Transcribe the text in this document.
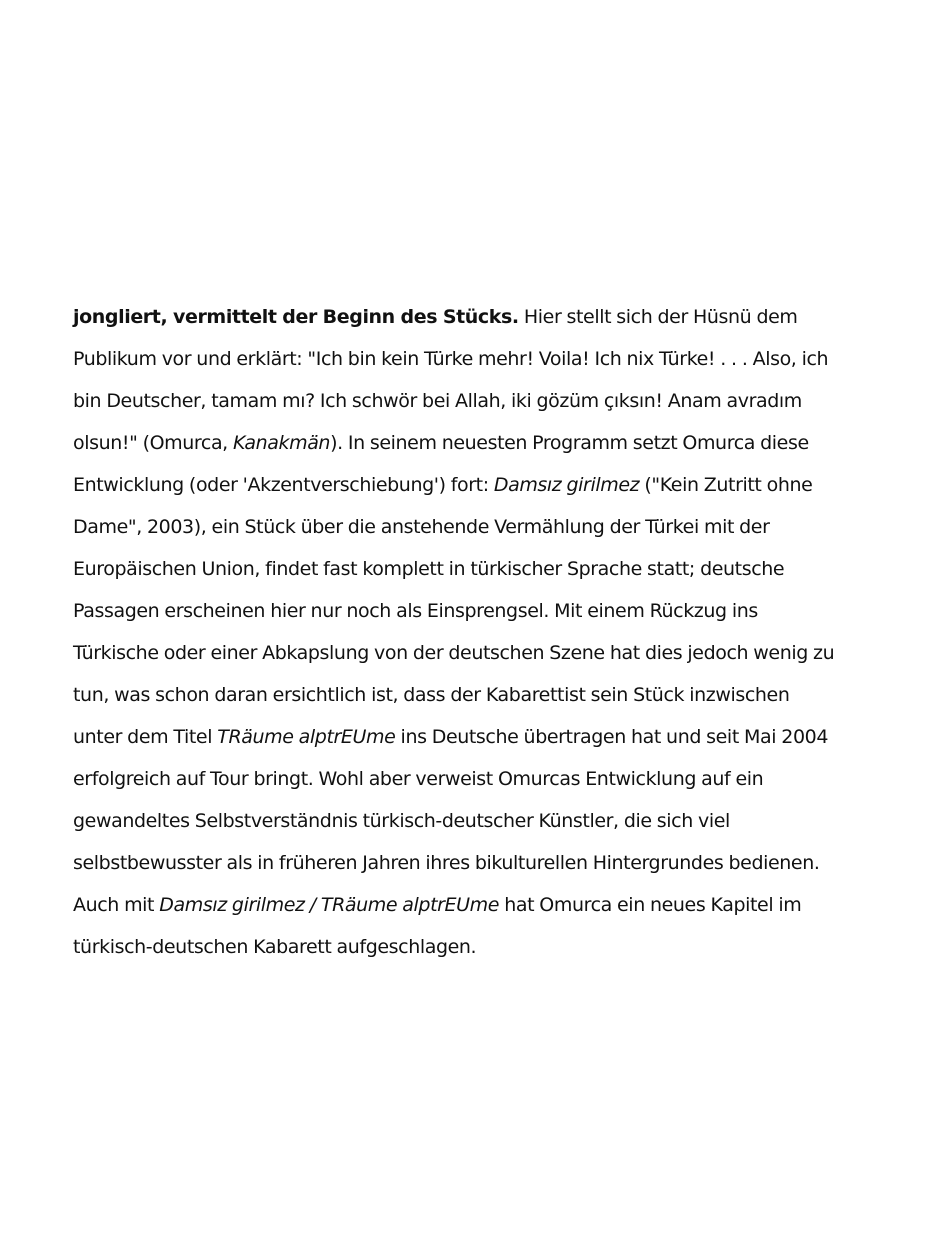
jongliert, vermittelt der Beginn des Stücks. Hier stellt sich der Hüsnü dem
Publikum vor und erklärt: "Ich bin kein Türke mehr! Voila! Ich nix Türke! . . . Also, ich
bin Deutscher, tamam mı? Ich schwör bei Allah, iki gözüm çıksın! Anam avradım
olsun!" (Omurca, Kanakmän). In seinem neuesten Programm setzt Omurca diese
Entwicklung (oder 'Akzentverschiebung') fort: Damsız girilmez ("Kein Zutritt ohne
Dame", 2003), ein Stück über die anstehende Vermählung der Türkei mit der
Europäischen Union, findet fast komplett in türkischer Sprache statt; deutsche
Passagen erscheinen hier nur noch als Einsprengsel. Mit einem Rückzug ins
Türkische oder einer Abkapslung von der deutschen Szene hat dies jedoch wenig zu
tun, was schon daran ersichtlich ist, dass der Kabarettist sein Stück inzwischen
unter dem Titel TRäume alptrEUme ins Deutsche übertragen hat und seit Mai 2004
erfolgreich auf Tour bringt. Wohl aber verweist Omurcas Entwicklung auf ein
gewandeltes Selbstverständnis türkisch-deutscher Künstler, die sich viel
selbstbewusster als in früheren Jahren ihres bikulturellen Hintergrundes bedienen.
Auch mit Damsız girilmez / TRäume alptrEUme hat Omurca ein neues Kapitel im
türkisch-deutschen Kabarett aufgeschlagen.
